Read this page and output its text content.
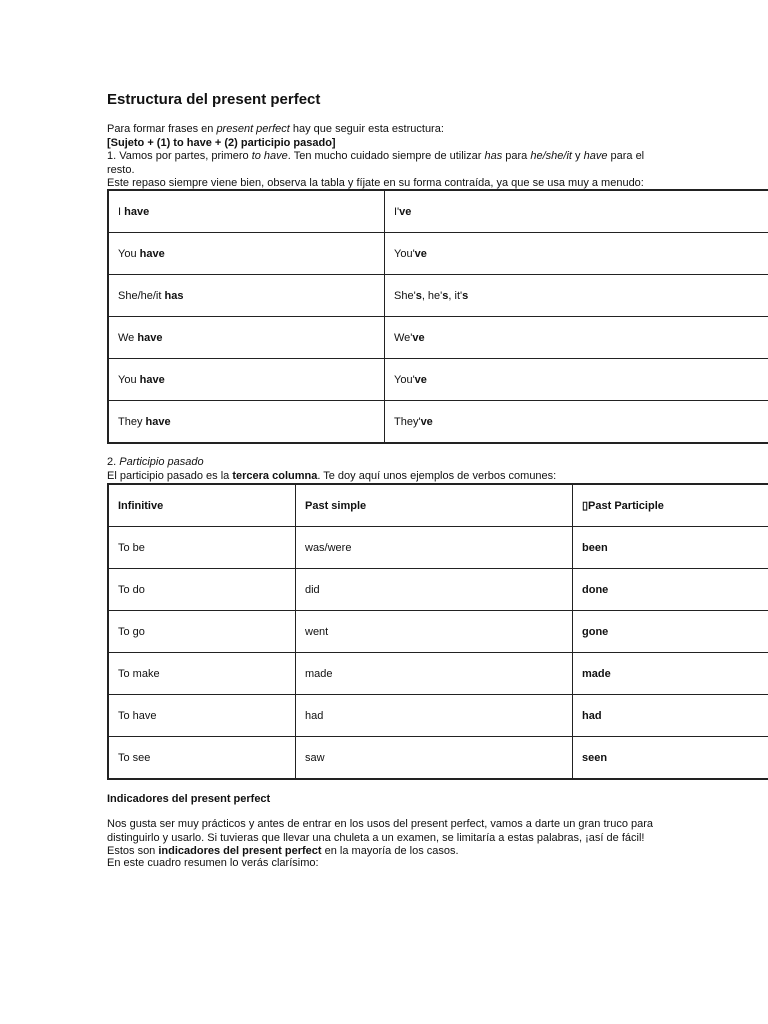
Estructura del present perfect

Para formar frases en present perfect hay que seguir esta estructura:

[Sujeto + (1) to have + (2) participio pasado]

1. Vamos por partes, primero to have. Ten mucho cuidado siempre de utilizar has para he/she/it y have para el resto.

Este repaso siempre viene bien, observa la tabla y fíjate en su forma contraída, ya que se usa muy a menudo:

I have	I've
You have	You've
She/he/it has	She's, he's, it's
We have	We've
You have	You've
They have	They've

2. Participio pasado

El participio pasado es la tercera columna. Te doy aquí unos ejemplos de verbos comunes:

Infinitive	Past simple	▯Past Participle
To be	was/were	been
To do	did	done
To go	went	gone
To make	made	made
To have	had	had
To see	saw	seen

Indicadores del present perfect

Nos gusta ser muy prácticos y antes de entrar en los usos del present perfect, vamos a darte un gran truco para distinguirlo y usarlo. Si tuvieras que llevar una chuleta a un examen, se limitaría a estas palabras, ¡así de fácil! Estos son indicadores del present perfect en la mayoría de los casos.

En este cuadro resumen lo verás clarísimo:
